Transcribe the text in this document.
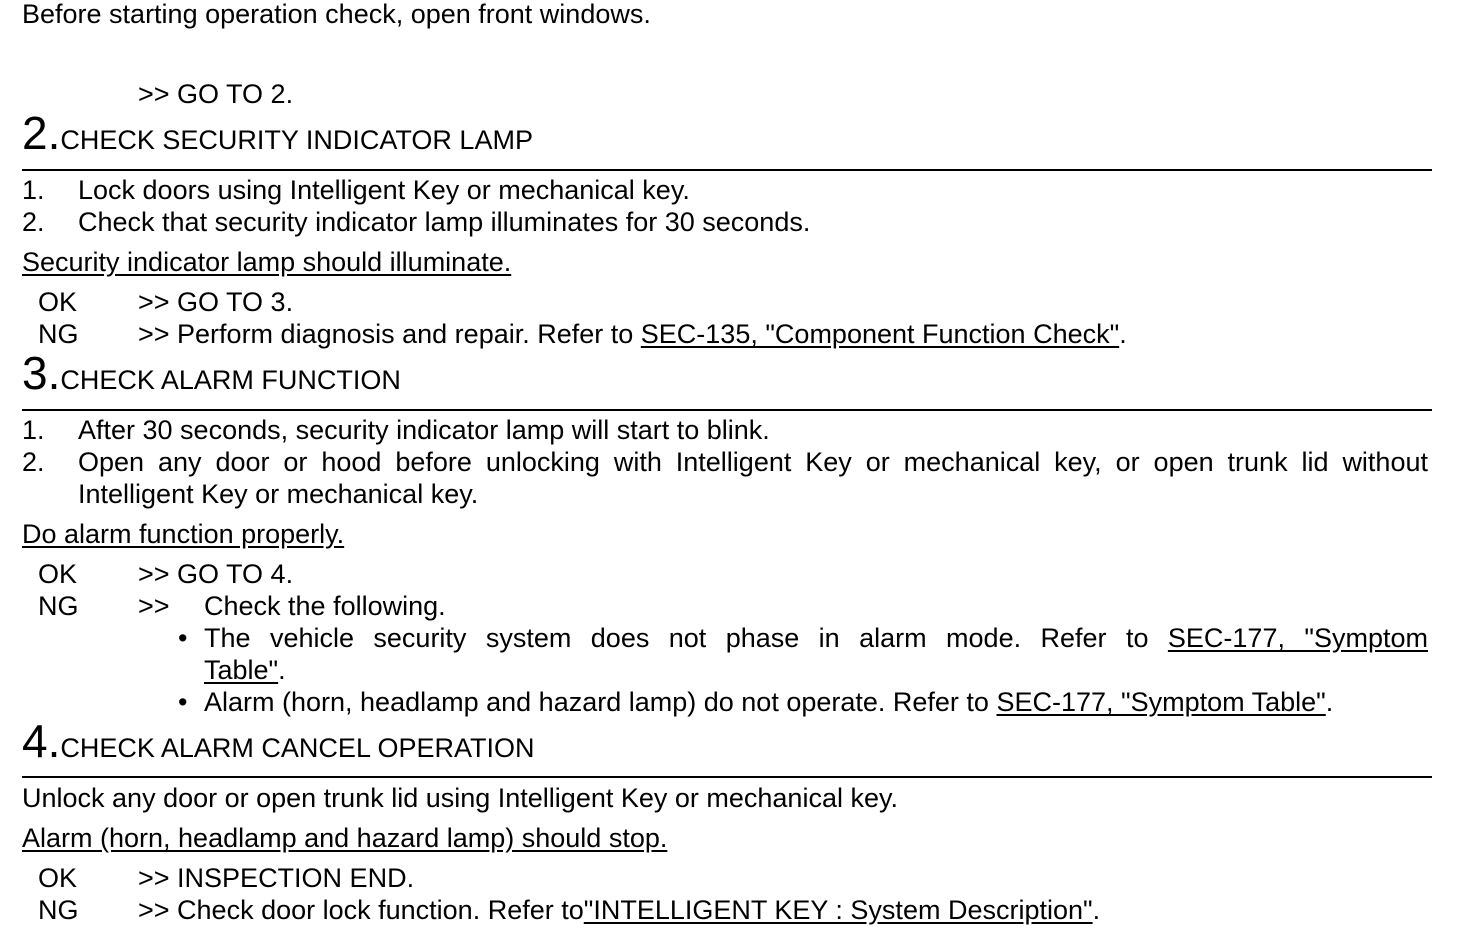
Before starting operation check, open front windows.
>> GO TO 2.
2.CHECK SECURITY INDICATOR LAMP
1. Lock doors using Intelligent Key or mechanical key.
2. Check that security indicator lamp illuminates for 30 seconds.
Security indicator lamp should illuminate.
OK >> GO TO 3.
NG >> Perform diagnosis and repair. Refer to SEC-135, "Component Function Check".
3.CHECK ALARM FUNCTION
1. After 30 seconds, security indicator lamp will start to blink.
2. Open any door or hood before unlocking with Intelligent Key or mechanical key, or open trunk lid without
Intelligent Key or mechanical key.
Do alarm function properly.
OK >> GO TO 4.
NG >> Check the following.
• The vehicle security system does not phase in alarm mode. Refer to SEC-177, "Symptom
Table".
• Alarm (horn, headlamp and hazard lamp) do not operate. Refer to SEC-177, "Symptom Table".
4.CHECK ALARM CANCEL OPERATION
Unlock any door or open trunk lid using Intelligent Key or mechanical key.
Alarm (horn, headlamp and hazard lamp) should stop.
OK >> INSPECTION END.
NG >> Check door lock function. Refer to"INTELLIGENT KEY : System Description".
